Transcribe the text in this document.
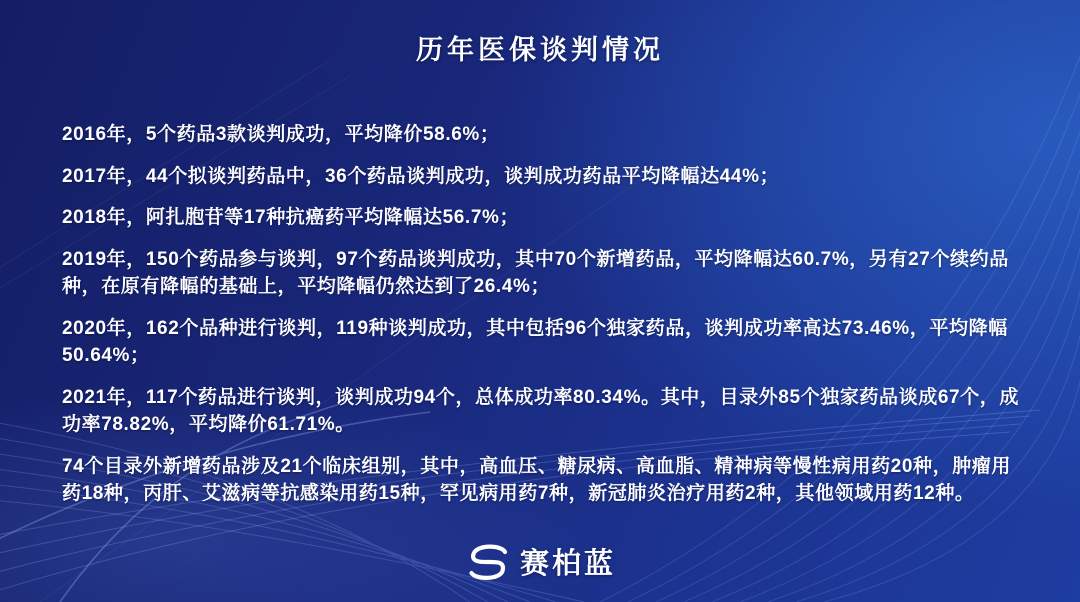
历年医保谈判情况

2016年，5个药品3款谈判成功，平均降价58.6%；

2017年，44个拟谈判药品中，36个药品谈判成功，谈判成功药品平均降幅达44%；

2018年，阿扎胞苷等17种抗癌药平均降幅达56.7%；

2019年，150个药品参与谈判，97个药品谈判成功，其中70个新增药品，平均降幅达60.7%，另有27个续约品种，在原有降幅的基础上，平均降幅仍然达到了26.4%；

2020年，162个品种进行谈判，119种谈判成功，其中包括96个独家药品，谈判成功率高达73.46%，平均降幅50.64%；

2021年，117个药品进行谈判，谈判成功94个，总体成功率80.34%。其中，目录外85个独家药品谈成67个，成功率78.82%，平均降价61.71%。

74个目录外新增药品涉及21个临床组别，其中，高血压、糖尿病、高血脂、精神病等慢性病用药20种，肿瘤用药18种，丙肝、艾滋病等抗感染用药15种，罕见病用药7种，新冠肺炎治疗用药2种，其他领域用药12种。

赛柏蓝
